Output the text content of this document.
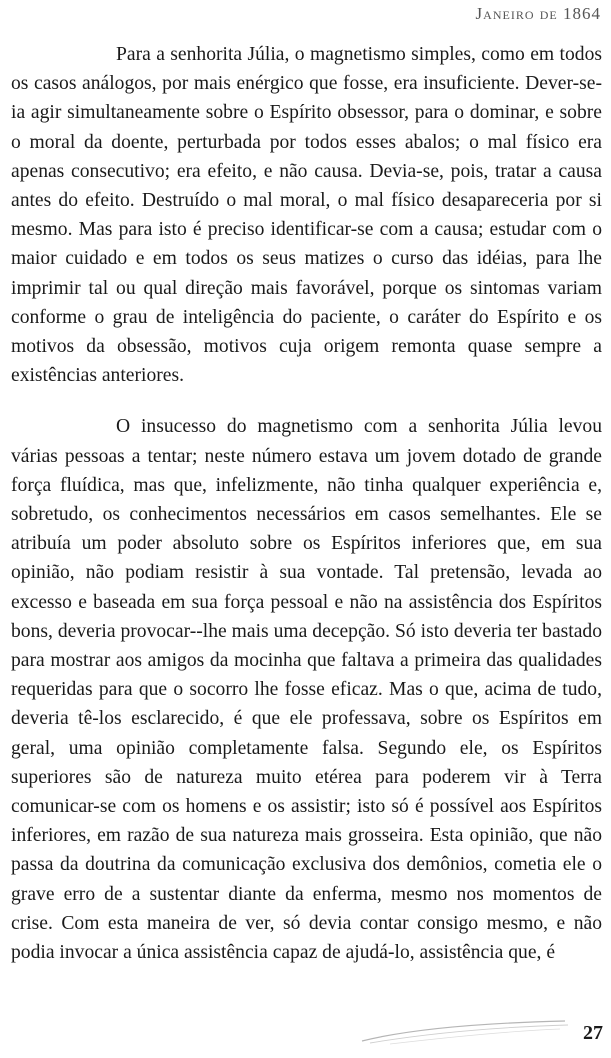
Janeiro de 1864

Para a senhorita Júlia, o magnetismo simples, como em todos os casos análogos, por mais enérgico que fosse, era insuficiente. Dever-se-ia agir simultaneamente sobre o Espírito obsessor, para o dominar, e sobre o moral da doente, perturbada por todos esses abalos; o mal físico era apenas consecutivo; era efeito, e não causa. Devia-se, pois, tratar a causa antes do efeito. Destruído o mal moral, o mal físico desapareceria por si mesmo. Mas para isto é preciso identificar-se com a causa; estudar com o maior cuidado e em todos os seus matizes o curso das idéias, para lhe imprimir tal ou qual direção mais favorável, porque os sintomas variam conforme o grau de inteligência do paciente, o caráter do Espírito e os motivos da obsessão, motivos cuja origem remonta quase sempre a existências anteriores.

O insucesso do magnetismo com a senhorita Júlia levou várias pessoas a tentar; neste número estava um jovem dotado de grande força fluídica, mas que, infelizmente, não tinha qualquer experiência e, sobretudo, os conhecimentos necessários em casos semelhantes. Ele se atribuía um poder absoluto sobre os Espíritos inferiores que, em sua opinião, não podiam resistir à sua vontade. Tal pretensão, levada ao excesso e baseada em sua força pessoal e não na assistência dos Espíritos bons, deveria provocar--lhe mais uma decepção. Só isto deveria ter bastado para mostrar aos amigos da mocinha que faltava a primeira das qualidades requeridas para que o socorro lhe fosse eficaz. Mas o que, acima de tudo, deveria tê-los esclarecido, é que ele professava, sobre os Espíritos em geral, uma opinião completamente falsa. Segundo ele, os Espíritos superiores são de natureza muito etérea para poderem vir à Terra comunicar-se com os homens e os assistir; isto só é possível aos Espíritos inferiores, em razão de sua natureza mais grosseira. Esta opinião, que não passa da doutrina da comunicação exclusiva dos demônios, cometia ele o grave erro de a sustentar diante da enferma, mesmo nos momentos de crise. Com esta maneira de ver, só devia contar consigo mesmo, e não podia invocar a única assistência capaz de ajudá-lo, assistência que, é

27
